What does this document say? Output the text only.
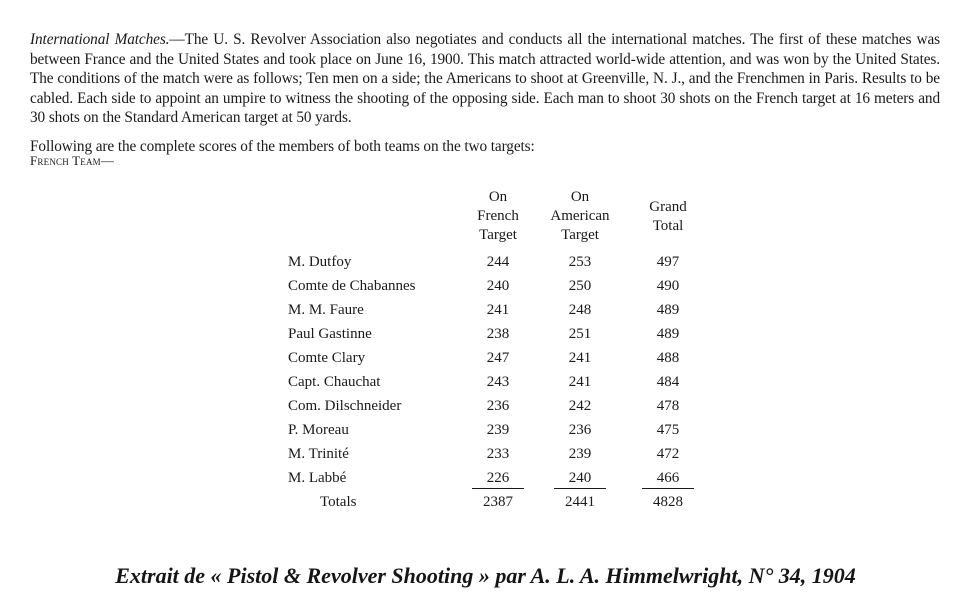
International Matches.—The U. S. Revolver Association also negotiates and conducts all the international matches. The first of these matches was between France and the United States and took place on June 16, 1900. This match attracted world-wide attention, and was won by the United States. The conditions of the match were as follows; Ten men on a side; the Americans to shoot at Greenville, N. J., and the Frenchmen in Paris. Results to be cabled. Each side to appoint an umpire to witness the shooting of the opposing side. Each man to shoot 30 shots on the French target at 16 meters and 30 shots on the Standard American target at 50 yards.

Following are the complete scores of the members of both teams on the two targets:

French Team—

	On
French
Target	On
American
Target	Grand
Total

M. Dutfoy	244	253	497
Comte de Chabannes	240	250	490
M. M. Faure	241	248	489
Paul Gastinne	238	251	489
Comte Clary	247	241	488
Capt. Chauchat	243	241	484
Com. Dilschneider	236	242	478
P. Moreau	239	236	475
M. Trinité	233	239	472
M. Labbé	226	240	466
Totals	2387	2441	4828
Extrait de « Pistol & Revolver Shooting » par A. L. A. Himmelwright, N° 34, 1904
